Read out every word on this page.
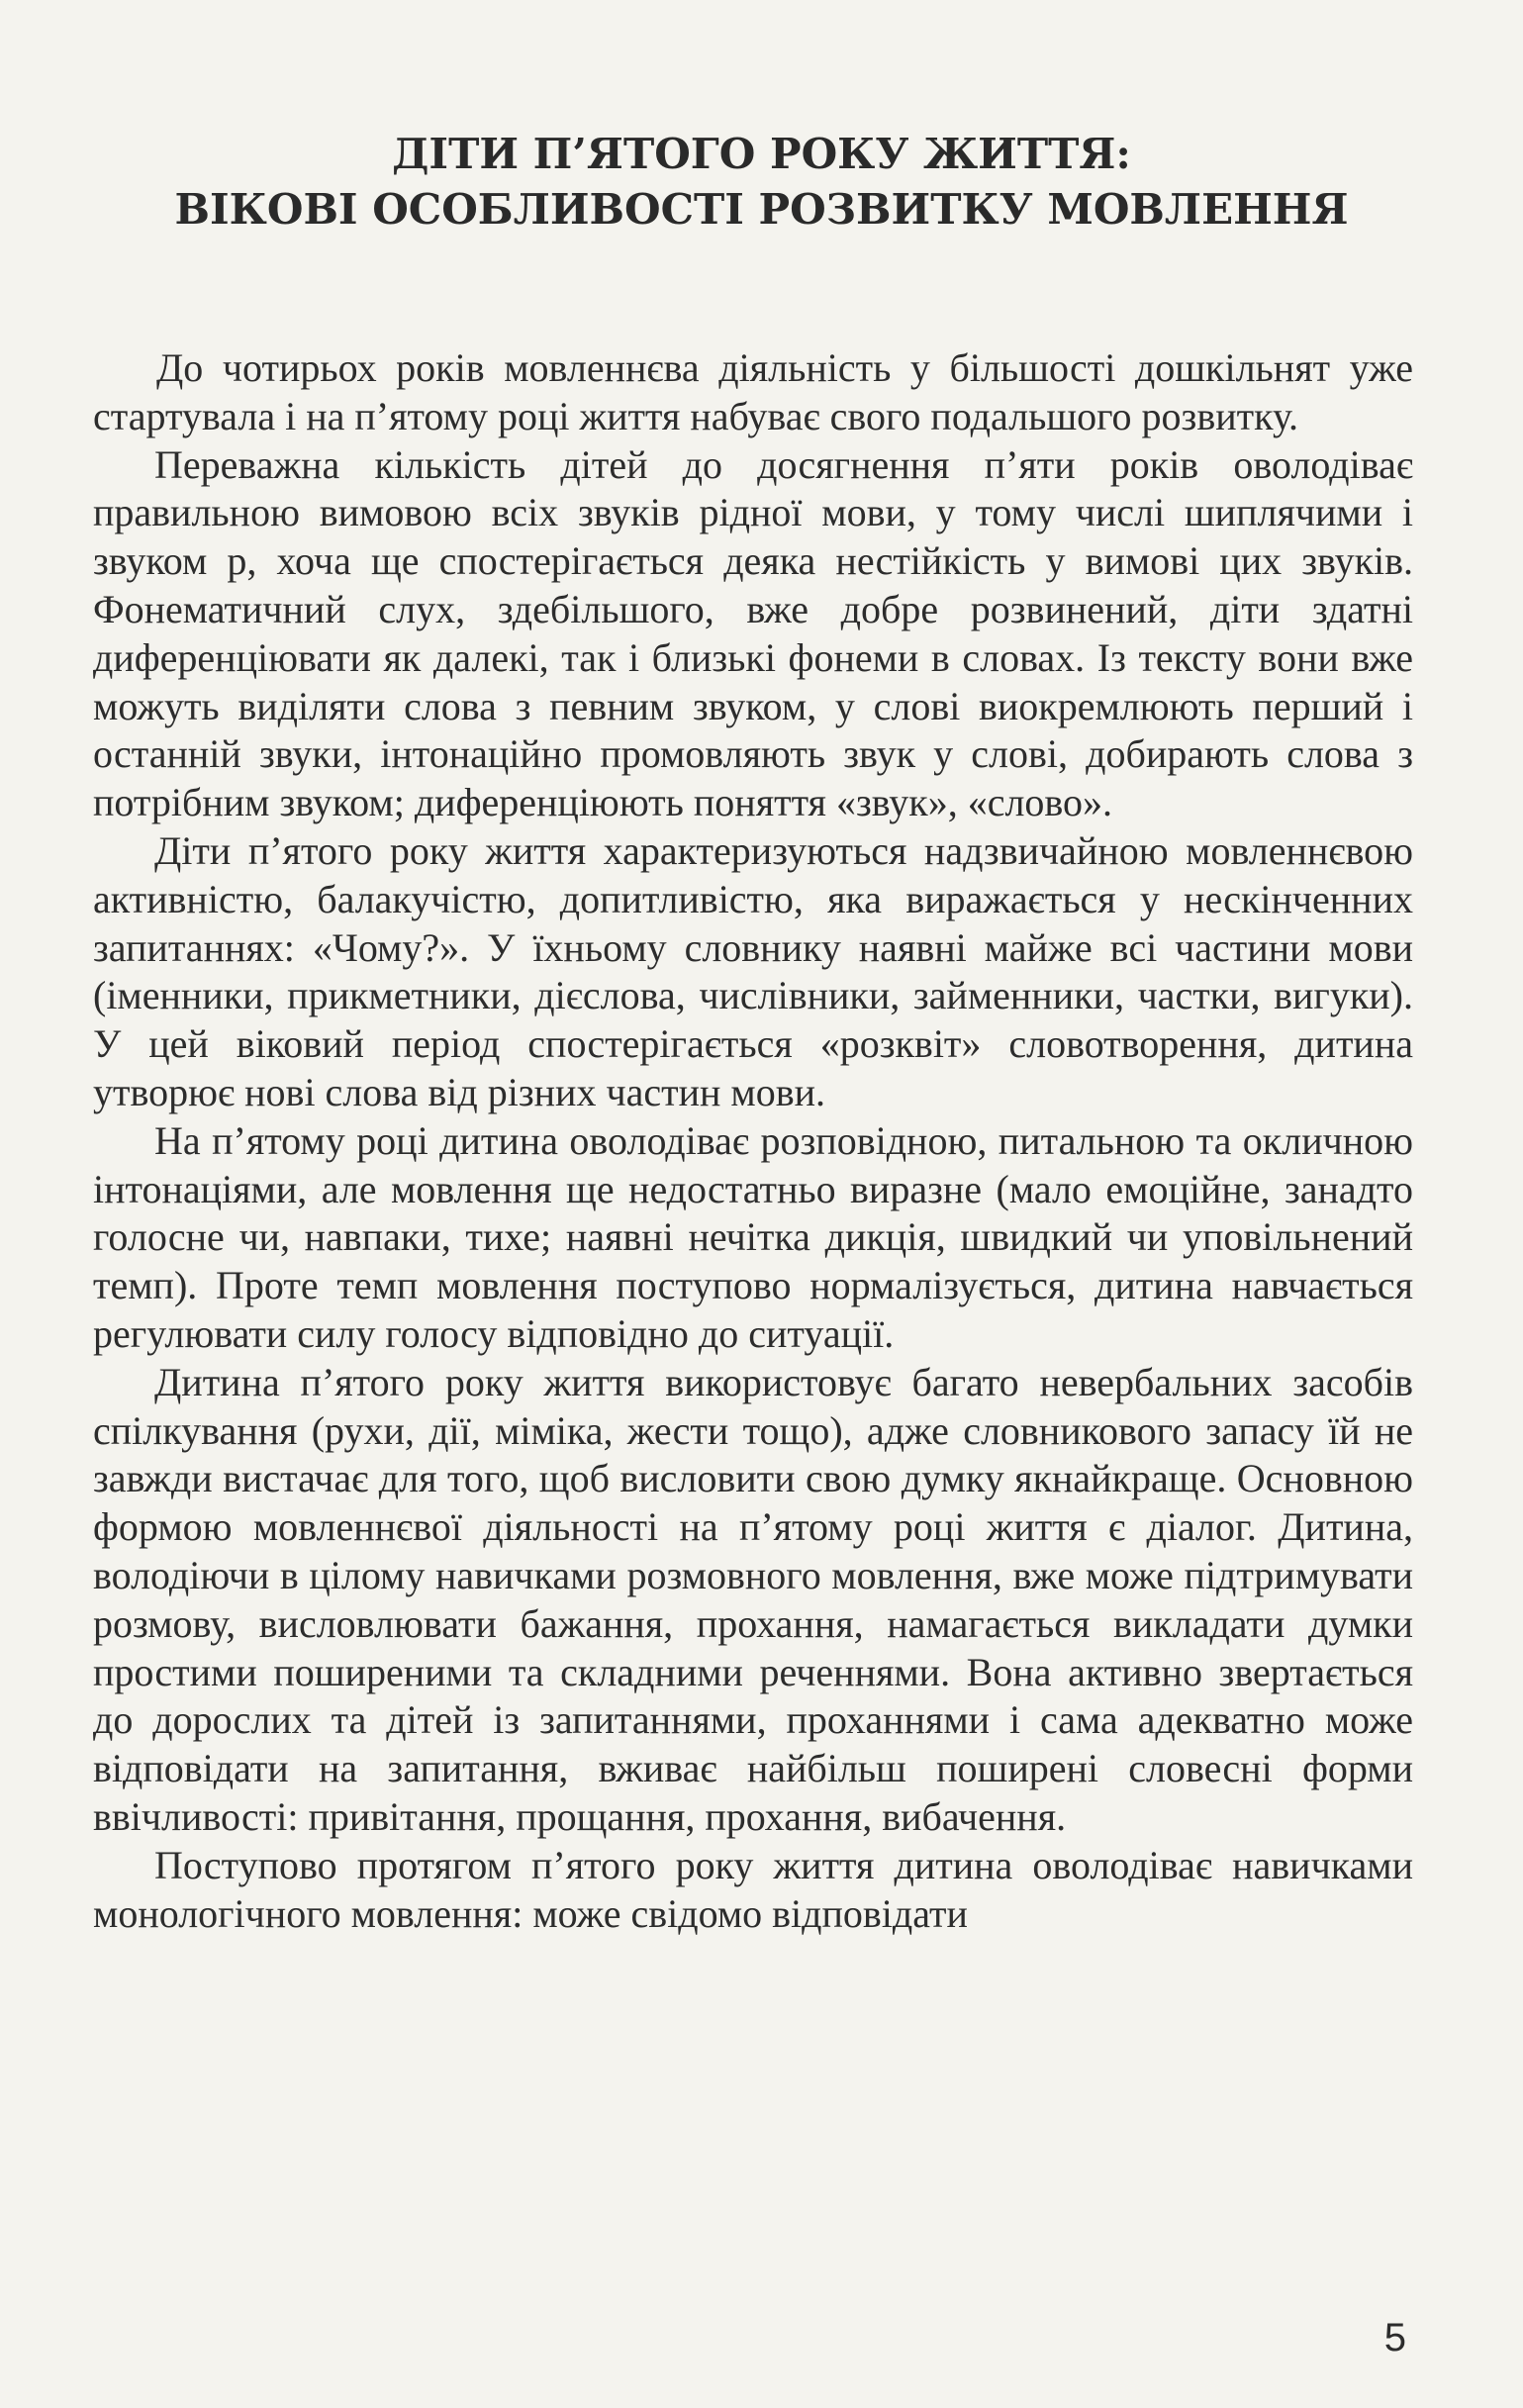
ДІТИ П’ЯТОГО РОКУ ЖИТТЯ:
ВІКОВІ ОСОБЛИВОСТІ РОЗВИТКУ МОВЛЕННЯ

До чотирьох років мовленнєва діяльність у більшості дошкільнят уже стартувала і на п’ятому році життя набуває свого подальшого розвитку.

Переважна кількість дітей до досягнення п’яти років оволодіває правильною вимовою всіх звуків рідної мови, у тому числі шиплячими і звуком р, хоча ще спостерігається деяка нестійкість у вимові цих звуків. Фонематичний слух, здебільшого, вже добре розвинений, діти здатні диференціювати як далекі, так і близькі фонеми в словах. Із тексту вони вже можуть виділяти слова з певним звуком, у слові виокремлюють перший і останній звуки, інтонаційно промовляють звук у слові, добирають слова з потрібним звуком; диференціюють поняття «звук», «слово».

Діти п’ятого року життя характеризуються надзвичайною мовленнєвою активністю, балакучістю, допитливістю, яка виражається у нескінченних запитаннях: «Чому?». У їхньому словнику наявні майже всі частини мови (іменники, прикметники, дієслова, числівники, займенники, частки, вигуки). У цей віковий період спостерігається «розквіт» словотворення, дитина утворює нові слова від різних частин мови.

На п’ятому році дитина оволодіває розповідною, питальною та окличною інтонаціями, але мовлення ще недостатньо виразне (мало емоційне, занадто голосне чи, навпаки, тихе; наявні нечітка дикція, швидкий чи уповільнений темп). Проте темп мовлення поступово нормалізується, дитина навчається регулювати силу голосу відповідно до ситуації.

Дитина п’ятого року життя використовує багато невербальних засобів спілкування (рухи, дії, міміка, жести тощо), адже словникового запасу їй не завжди вистачає для того, щоб висловити свою думку якнайкраще. Основною формою мовленнєвої діяльності на п’ятому році життя є діалог. Дитина, володіючи в цілому навичками розмовного мовлення, вже може підтримувати розмову, висловлювати бажання, прохання, намагається викладати думки простими поширеними та складними реченнями. Вона активно звертається до дорослих та дітей із запитаннями, проханнями і сама адекватно може відповідати на запитання, вживає найбільш поширені словесні форми ввічливості: привітання, прощання, прохання, вибачення.

Поступово протягом п’ятого року життя дитина оволодіває навичками монологічного мовлення: може свідомо відповідати

5
